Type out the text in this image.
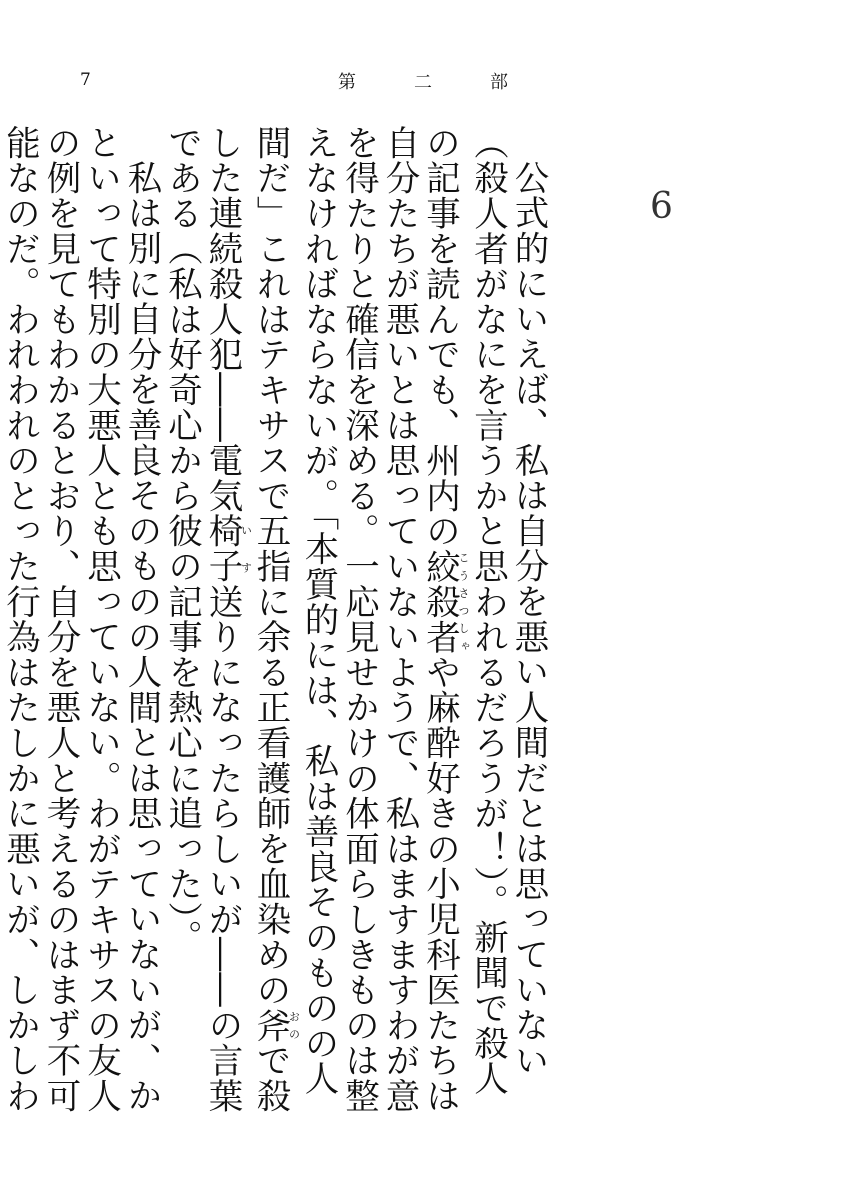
7	第	二	部
6

公式的にいえば、私は自分を悪い人間だとは思っていない（殺人者がなにを言うかと思われるだろうが！）。新聞で殺人の記事を読んでも、州内の絞殺者こうさつしゃや麻酔好きの小児科医たちは自分たちが悪いとは思っていないようで、私はますますわが意を得たりと確信を深める。一応見せかけの体面らしきものは整えなければならないが。「本質的には、私は善良そのものの人間だ」これはテキサスで五指に余る正看護師を血染めの斧おので殺した連続殺人犯――電気椅子いす送りになったらしいが――の言葉である（私は好奇心から彼の記事を熱心に追った）。

私は別に自分を善良そのものの人間とは思っていないが、かといって特別の大悪人とも思っていない。わがテキサスの友人の例を見てもわかるとおり、自分を悪人と考えるのはまず不可能なのだ。われわれのとった行為はたしかに悪いが、しかしわ
